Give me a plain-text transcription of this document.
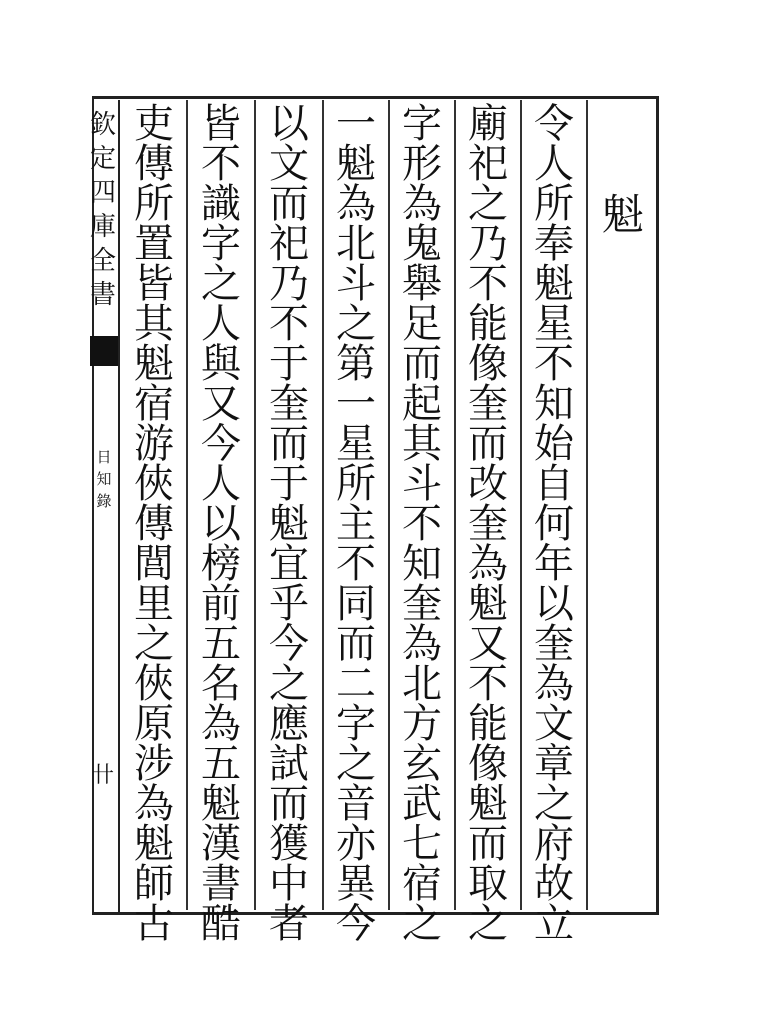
欽定四庫全書
日知錄
卄
魁
令
人
所
奉
魁
星
不
知
始
自
何
年
以
奎
為
文
章
之
府
故
立
廟
祀
之
乃
不
能
像
奎
而
改
奎
為
魁
又
不
能
像
魁
而
取
之
字
形
為
鬼
舉
足
而
起
其
斗
不
知
奎
為
北
方
玄
武
七
宿
之
一
魁
為
北
斗
之
第
一
星
所
主
不
同
而
二
字
之
音
亦
異
今
以
文
而
祀
乃
不
于
奎
而
于
魁
宜
乎
今
之
應
試
而
獲
中
者
皆
不
識
字
之
人
與
又
今
人
以
榜
前
五
名
為
五
魁
漢
書
酷
吏
傳
所
置
皆
其
魁
宿
游
俠
傳
閭
里
之
俠
原
涉
為
魁
師
古
